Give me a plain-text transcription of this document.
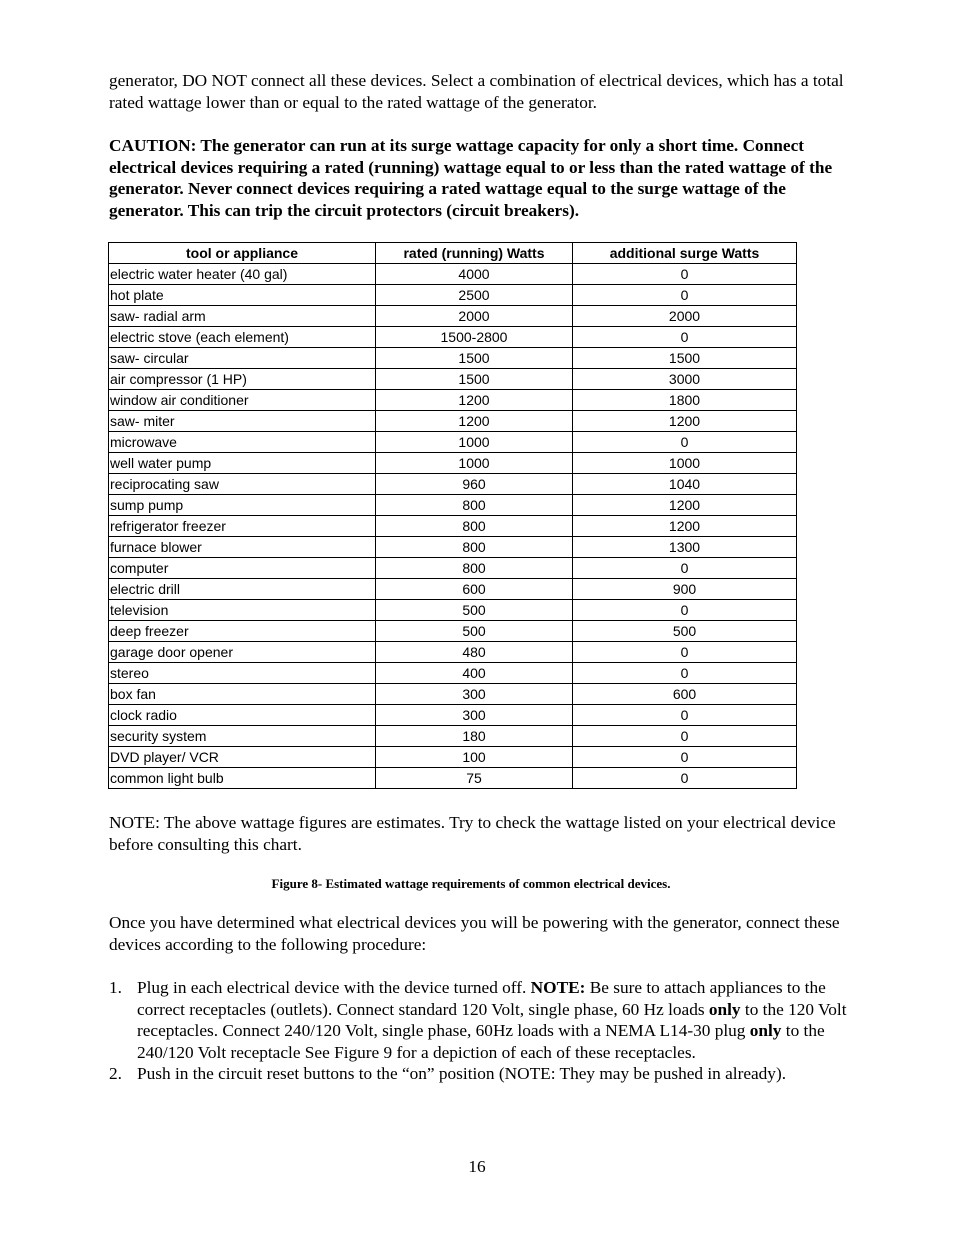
generator, DO NOT connect all these devices. Select a combination of electrical devices, which has a total rated wattage lower than or equal to the rated wattage of the generator.

CAUTION: The generator can run at its surge wattage capacity for only a short time. Connect electrical devices requiring a rated (running) wattage equal to or less than the rated wattage of the generator. Never connect devices requiring a rated wattage equal to the surge wattage of the generator. This can trip the circuit protectors (circuit breakers).

tool or appliance	rated (running) Watts	additional surge Watts
electric water heater (40 gal)	4000	0
hot plate	2500	0
saw- radial arm	2000	2000
electric stove (each element)	1500-2800	0
saw- circular	1500	1500
air compressor (1 HP)	1500	3000
window air conditioner	1200	1800
saw- miter	1200	1200
microwave	1000	0
well water pump	1000	1000
reciprocating saw	960	1040
sump pump	800	1200
refrigerator freezer	800	1200
furnace blower	800	1300
computer	800	0
electric drill	600	900
television	500	0
deep freezer	500	500
garage door opener	480	0
stereo	400	0
box fan	300	600
clock radio	300	0
security system	180	0
DVD player/ VCR	100	0
common light bulb	75	0

NOTE: The above wattage figures are estimates. Try to check the wattage listed on your electrical device before consulting this chart.

Figure 8- Estimated wattage requirements of common electrical devices.

Once you have determined what electrical devices you will be powering with the generator, connect these devices according to the following procedure:

1. Plug in each electrical device with the device turned off. NOTE: Be sure to attach appliances to the correct receptacles (outlets). Connect standard 120 Volt, single phase, 60 Hz loads only to the 120 Volt receptacles. Connect 240/120 Volt, single phase, 60Hz loads with a NEMA L14-30 plug only to the 240/120 Volt receptacle See Figure 9 for a depiction of each of these receptacles.
2. Push in the circuit reset buttons to the “on” position (NOTE: They may be pushed in already).

16
